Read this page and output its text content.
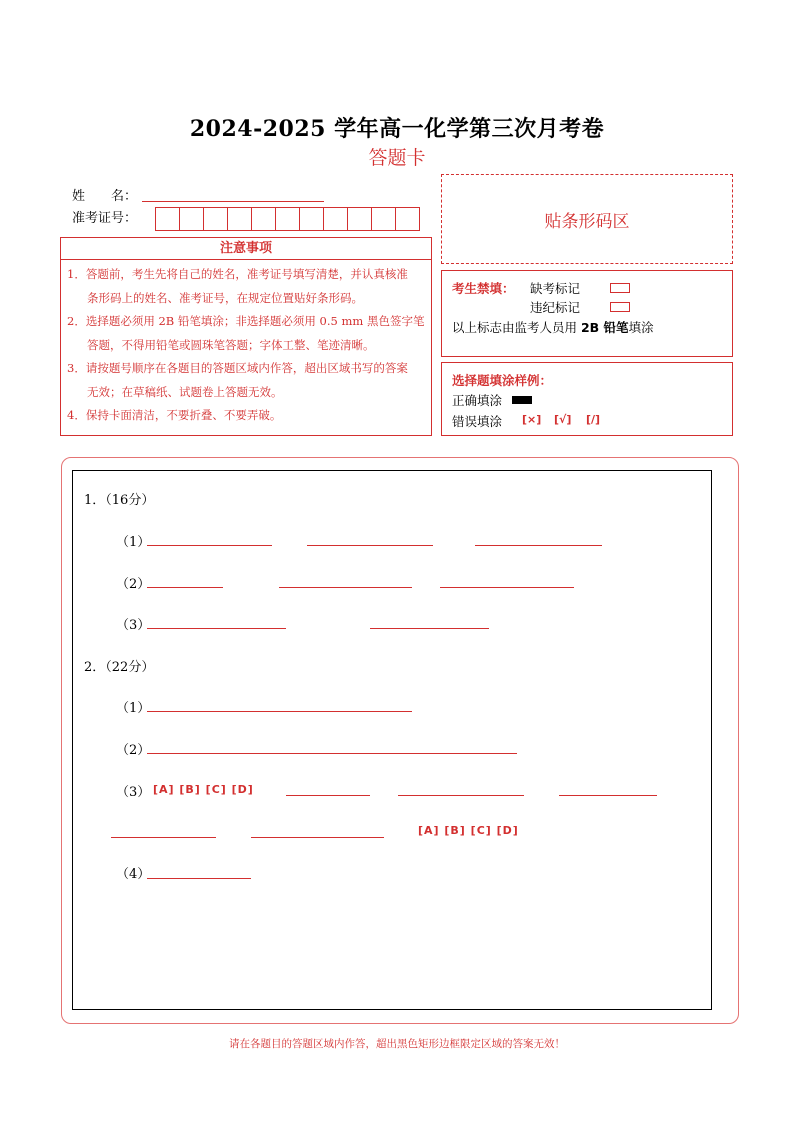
2024-2025 学年高一化学第三次月考卷
答题卡
姓　　名：
准考证号：	贴条形码区
注意事项

1．答题前，考生先将自己的姓名，准考证号填写清楚，并认真核准

条形码上的姓名、准考证号，在规定位置贴好条形码。

2．选择题必须用 2B 铅笔填涂；非选择题必须用 0.5 mm 黑色签字笔

答题，不得用铅笔或圆珠笔答题；字体工整、笔迹清晰。

3．请按题号顺序在各题目的答题区域内作答，超出区域书写的答案

无效；在草稿纸、试题卷上答题无效。

4．保持卡面清洁，不要折叠、不要弄破。

考生禁填： 缺考标记
违纪标记
以上标志由监考人员用 2B 铅笔填涂
选择题填涂样例：
正确填涂
错误填涂 [×] [√] [/]
1．（16分）
（1）
（2）
（3）
2．（22分）
（1）
（2）
（3） [A] [B] [C] [D]
[A] [B] [C] [D]
（4）
请在各题目的答题区域内作答，超出黑色矩形边框限定区域的答案无效！
